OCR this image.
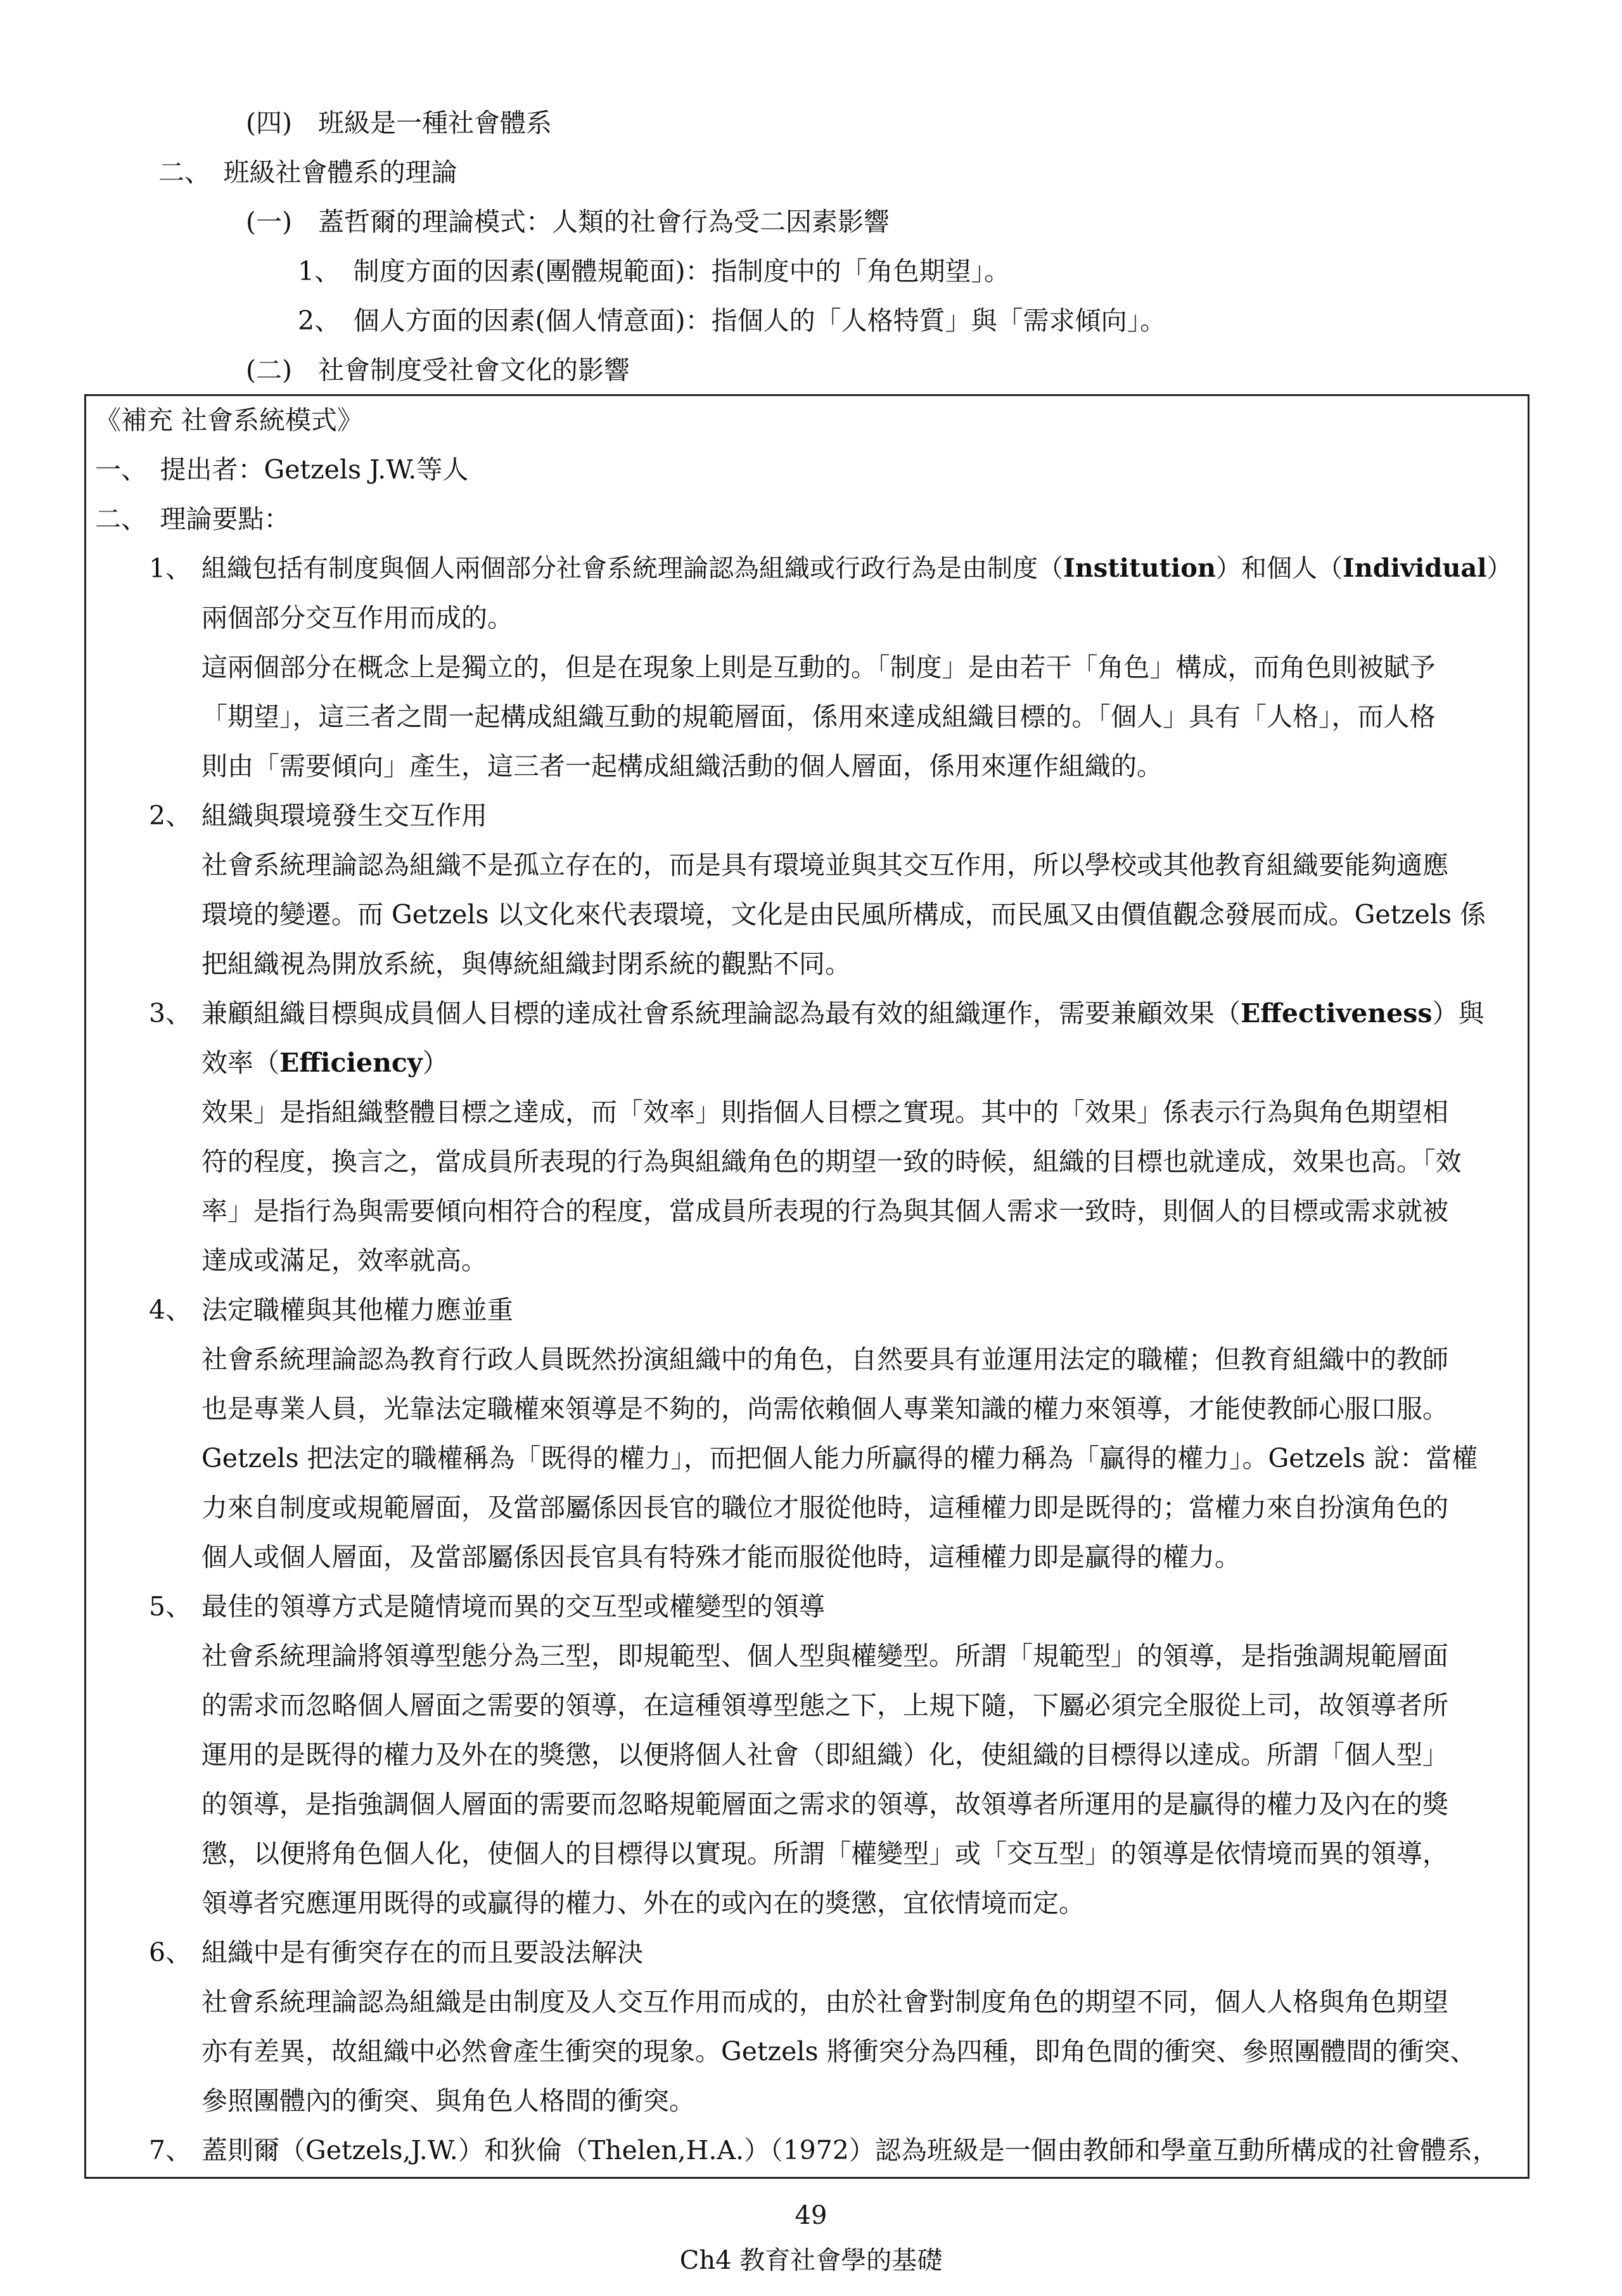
(四)　班級是一種社會體系
二、　班級社會體系的理論
(一)　蓋哲爾的理論模式：人類的社會行為受二因素影響
1、　制度方面的因素(團體規範面)：指制度中的「角色期望」。
2、　個人方面的因素(個人情意面)：指個人的「人格特質」與「需求傾向」。
(二)　社會制度受社會文化的影響
《補充 社會系統模式》
一、　提出者：Getzels J.W.等人
二、　理論要點：
1、 組織包括有制度與個人兩個部分社會系統理論認為組織或行政行為是由制度（Institution）和個人（Individual）
兩個部分交互作用而成的。
這兩個部分在概念上是獨立的，但是在現象上則是互動的。「制度」是由若干「角色」構成，而角色則被賦予
「期望」，這三者之間一起構成組織互動的規範層面，係用來達成組織目標的。「個人」具有「人格」，而人格
則由「需要傾向」產生，這三者一起構成組織活動的個人層面，係用來運作組織的。
2、 組織與環境發生交互作用
社會系統理論認為組織不是孤立存在的，而是具有環境並與其交互作用，所以學校或其他教育組織要能夠適應
環境的變遷。而 Getzels 以文化來代表環境，文化是由民風所構成，而民風又由價值觀念發展而成。Getzels 係
把組織視為開放系統，與傳統組織封閉系統的觀點不同。
3、 兼顧組織目標與成員個人目標的達成社會系統理論認為最有效的組織運作，需要兼顧效果（Effectiveness）與
效率（Efficiency）
效果」是指組織整體目標之達成，而「效率」則指個人目標之實現。其中的「效果」係表示行為與角色期望相
符的程度，換言之，當成員所表現的行為與組織角色的期望一致的時候，組織的目標也就達成，效果也高。「效
率」是指行為與需要傾向相符合的程度，當成員所表現的行為與其個人需求一致時，則個人的目標或需求就被
達成或滿足，效率就高。
4、 法定職權與其他權力應並重
社會系統理論認為教育行政人員既然扮演組織中的角色，自然要具有並運用法定的職權；但教育組織中的教師
也是專業人員，光靠法定職權來領導是不夠的，尚需依賴個人專業知識的權力來領導，才能使教師心服口服。
Getzels 把法定的職權稱為「既得的權力」，而把個人能力所贏得的權力稱為「贏得的權力」。Getzels 說：當權
力來自制度或規範層面，及當部屬係因長官的職位才服從他時，這種權力即是既得的；當權力來自扮演角色的
個人或個人層面，及當部屬係因長官具有特殊才能而服從他時，這種權力即是贏得的權力。
5、 最佳的領導方式是隨情境而異的交互型或權變型的領導
社會系統理論將領導型態分為三型，即規範型、個人型與權變型。所謂「規範型」的領導，是指強調規範層面
的需求而忽略個人層面之需要的領導，在這種領導型態之下，上規下隨，下屬必須完全服從上司，故領導者所
運用的是既得的權力及外在的獎懲，以便將個人社會（即組織）化，使組織的目標得以達成。所謂「個人型」
的領導，是指強調個人層面的需要而忽略規範層面之需求的領導，故領導者所運用的是贏得的權力及內在的獎
懲，以便將角色個人化，使個人的目標得以實現。所謂「權變型」或「交互型」的領導是依情境而異的領導，
領導者究應運用既得的或贏得的權力、外在的或內在的獎懲，宜依情境而定。
6、 組織中是有衝突存在的而且要設法解決
社會系統理論認為組織是由制度及人交互作用而成的，由於社會對制度角色的期望不同，個人人格與角色期望
亦有差異，故組織中必然會產生衝突的現象。Getzels 將衝突分為四種，即角色間的衝突、參照團體間的衝突、
參照團體內的衝突、與角色人格間的衝突。
7、 蓋則爾（Getzels,J.W.）和狄倫（Thelen,H.A.）（1972）認為班級是一個由教師和學童互動所構成的社會體系，
49
Ch4 教育社會學的基礎
